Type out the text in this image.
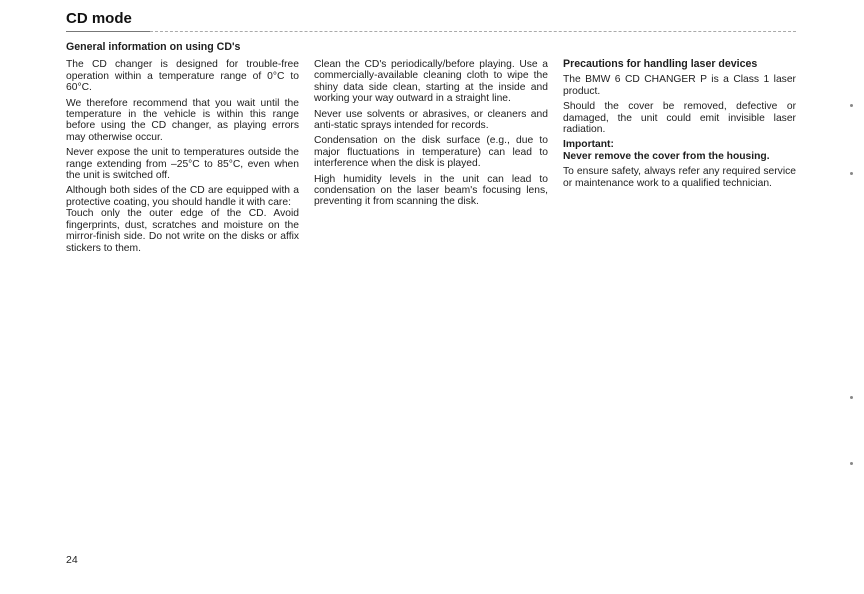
CD mode
General information on using CD's

The CD changer is designed for trouble-free operation within a temperature range of 0°C to 60°C.

We therefore recommend that you wait until the temperature in the vehicle is within this range before using the CD changer, as playing errors may otherwise occur.

Never expose the unit to temperatures outside the range extending from –25°C to 85°C, even when the unit is switched off.

Although both sides of the CD are equipped with a protective coating, you should handle it with care:

Touch only the outer edge of the CD. Avoid fingerprints, dust, scratches and moisture on the mirror-finish side. Do not write on the disks or affix stickers to them.

Clean the CD's periodically/before playing. Use a commercially-available cleaning cloth to wipe the shiny data side clean, starting at the inside and working your way outward in a straight line.

Never use solvents or abrasives, or cleaners and anti-static sprays intended for records.

Condensation on the disk surface (e.g., due to major fluctuations in temperature) can lead to interference when the disk is played.

High humidity levels in the unit can lead to condensation on the laser beam's focusing lens, preventing it from scanning the disk.

Precautions for handling laser devices

The BMW 6 CD CHANGER P is a Class 1 laser product.

Should the cover be removed, defective or damaged, the unit could emit invisible laser radiation.

Important:
Never remove the cover from the housing.

To ensure safety, always refer any required service or maintenance work to a qualified technician.

24
